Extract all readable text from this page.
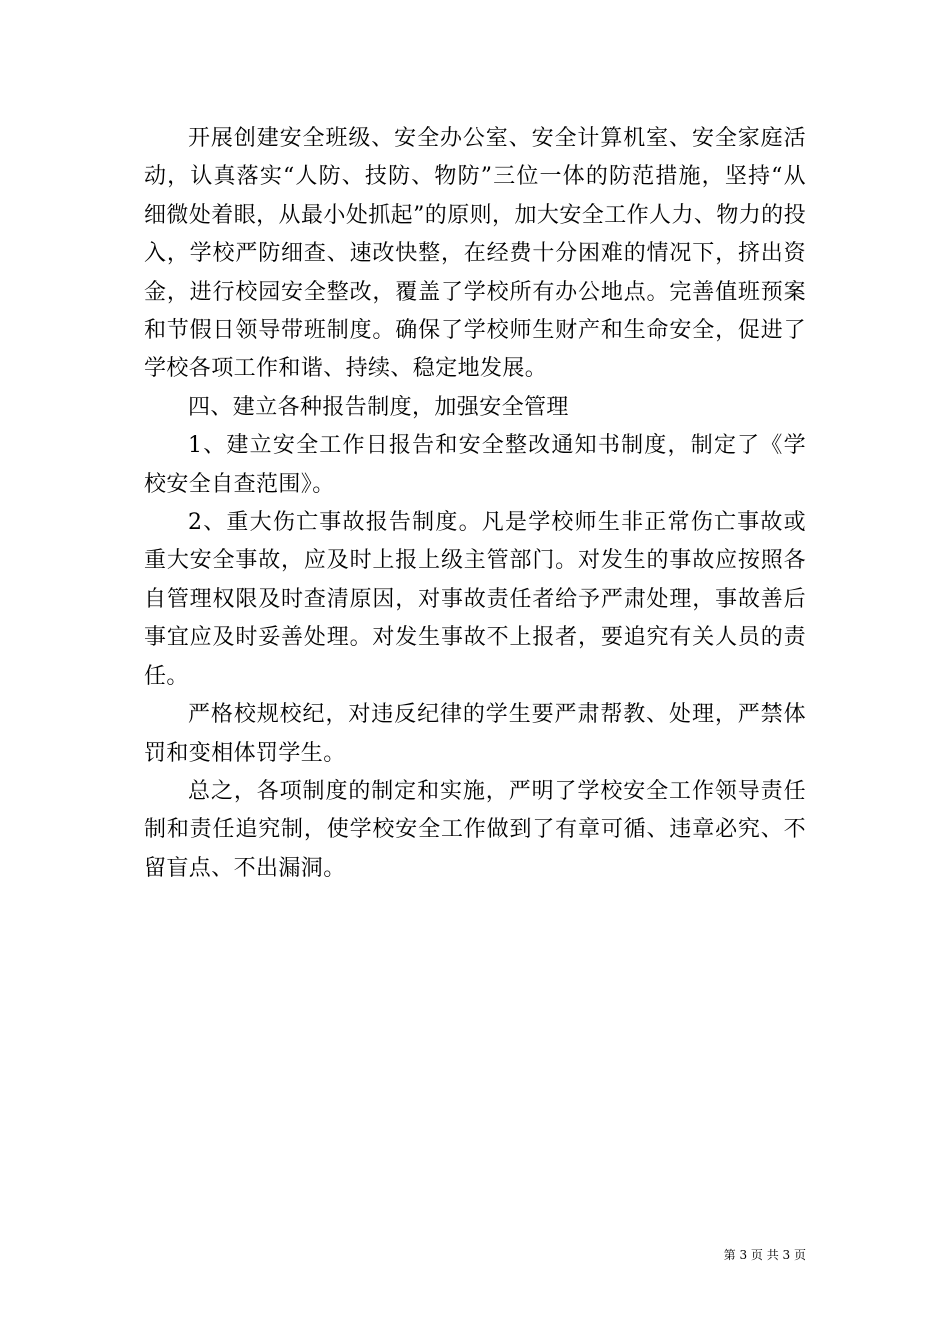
开展创建安全班级、安全办公室、安全计算机室、安全家庭活动，认真落实“人防、技防、物防”三位一体的防范措施，坚持“从细微处着眼，从最小处抓起”的原则，加大安全工作人力、物力的投入，学校严防细查、速改快整，在经费十分困难的情况下，挤出资金，进行校园安全整改，覆盖了学校所有办公地点。完善值班预案和节假日领导带班制度。确保了学校师生财产和生命安全，促进了学校各项工作和谐、持续、稳定地发展。

四、建立各种报告制度，加强安全管理

1、建立安全工作日报告和安全整改通知书制度，制定了《学校安全自查范围》。

2、重大伤亡事故报告制度。凡是学校师生非正常伤亡事故或重大安全事故，应及时上报上级主管部门。对发生的事故应按照各自管理权限及时查清原因，对事故责任者给予严肃处理，事故善后事宜应及时妥善处理。对发生事故不上报者，要追究有关人员的责任。

严格校规校纪，对违反纪律的学生要严肃帮教、处理，严禁体罚和变相体罚学生。

总之，各项制度的制定和实施，严明了学校安全工作领导责任制和责任追究制，使学校安全工作做到了有章可循、违章必究、不留盲点、不出漏洞。

第 3 页 共 3 页
